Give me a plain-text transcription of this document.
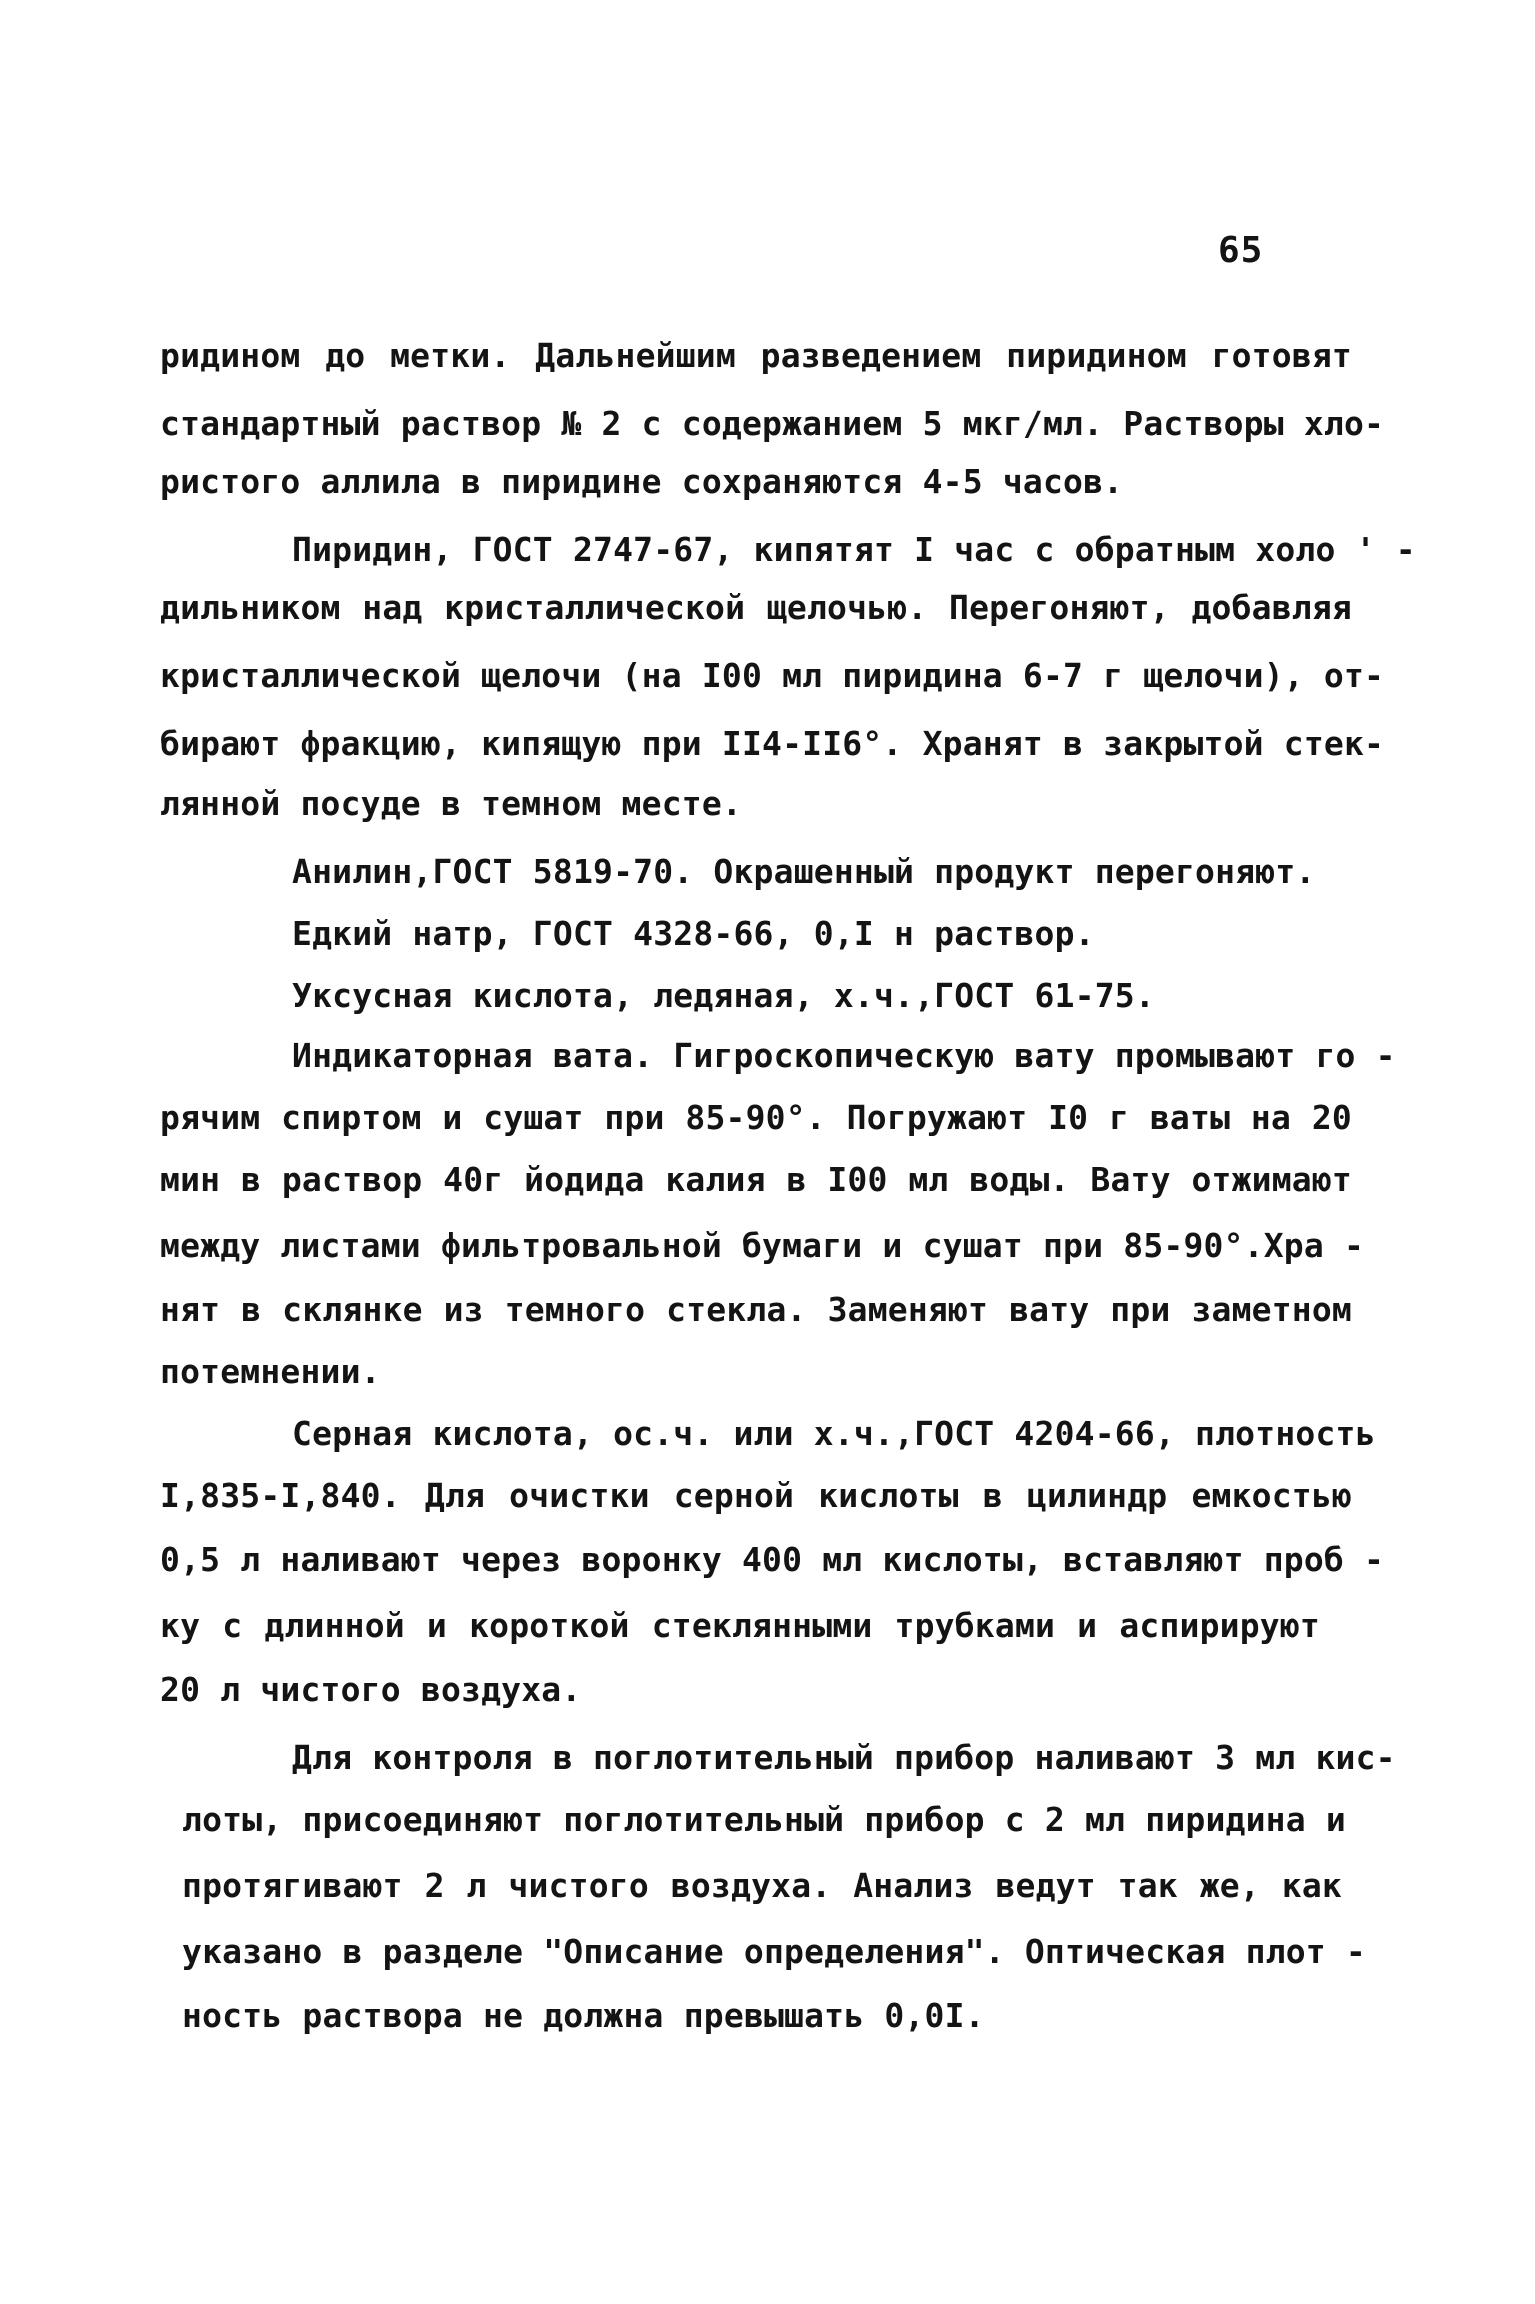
65
ридином до метки. Дальнейшим разведением пиридином готовят
стандартный раствор № 2 с содержанием 5 мкг/мл. Растворы хло-
ристого аллила в пиридине сохраняются 4-5 часов.
Пиридин, ГОСТ 2747-67, кипятят I час с обратным холо ' -
дильником над кристаллической щелочью. Перегоняют, добавляя
кристаллической щелочи (на I00 мл пиридина 6-7 г щелочи), от-
бирают фракцию, кипящую при II4-II6°. Хранят в закрытой стек-
лянной посуде в темном месте.
Анилин,ГОСТ 5819-70. Окрашенный продукт перегоняют.
Едкий натр, ГОСТ 4328-66, 0,I н раствор.
Уксусная кислота, ледяная, х.ч.,ГОСТ 61-75.
Индикаторная вата. Гигроскопическую вату промывают го -
рячим спиртом и сушат при 85-90°. Погружают I0 г ваты на 20
мин в раствор 40г йодида калия в I00 мл воды. Вату отжимают
между листами фильтровальной бумаги и сушат при 85-90°.Хра -
нят в склянке из темного стекла. Заменяют вату при заметном
потемнении.
Серная кислота, ос.ч. или х.ч.,ГОСТ 4204-66, плотность
I,835-I,840. Для очистки серной кислоты в цилиндр емкостью
0,5 л наливают через воронку 400 мл кислоты, вставляют проб -
ку с длинной и короткой стеклянными трубками и аспирируют
20 л чистого воздуха.
Для контроля в поглотительный прибор наливают 3 мл кис-
лоты, присоединяют поглотительный прибор с 2 мл пиридина и
протягивают 2 л чистого воздуха. Анализ ведут так же, как
указано в разделе "Описание определения". Оптическая плот -
ность раствора не должна превышать 0,0I.
